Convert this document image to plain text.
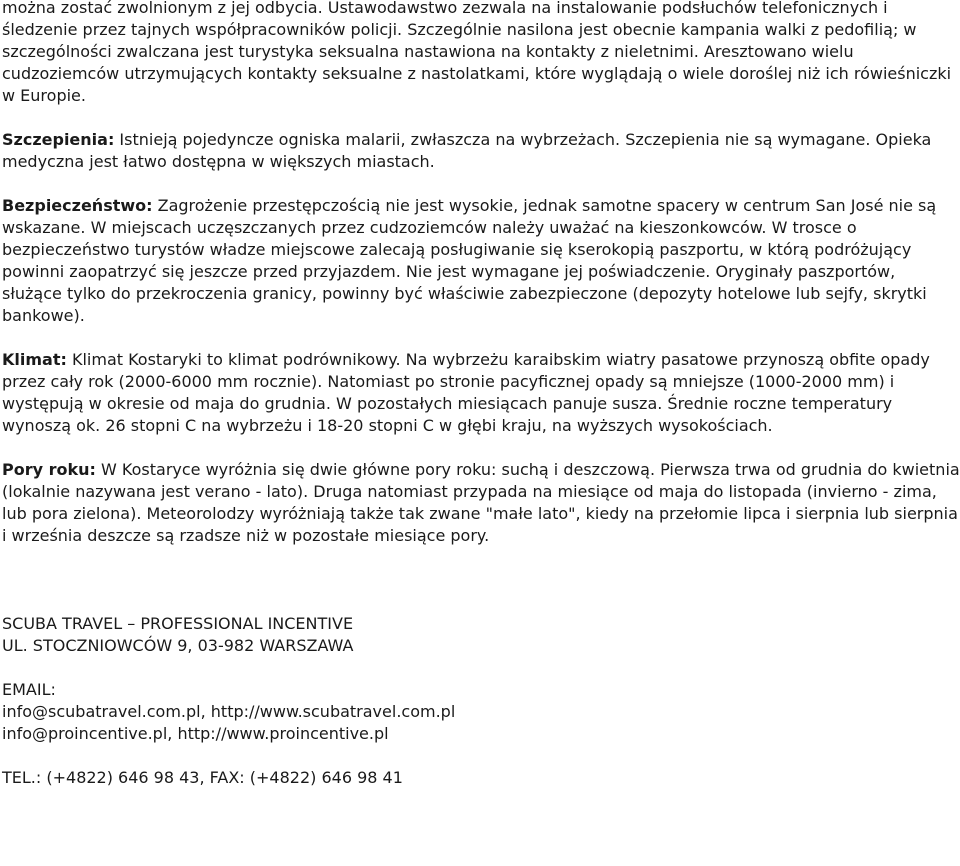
można zostać zwolnionym z jej odbycia. Ustawodawstwo zezwala na instalowanie podsłuchów telefonicznych i śledzenie przez tajnych współpracowników policji. Szczególnie nasilona jest obecnie kampania walki z pedofilią; w szczególności zwalczana jest turystyka seksualna nastawiona na kontakty z nieletnimi. Aresztowano wielu cudzoziemców utrzymujących kontakty seksualne z nastolatkami, które wyglądają o wiele doroślej niż ich rówieśniczki w Europie.

Szczepienia: Istnieją pojedyncze ogniska malarii, zwłaszcza na wybrzeżach. Szczepienia nie są wymagane. Opieka medyczna jest łatwo dostępna w większych miastach.

Bezpieczeństwo: Zagrożenie przestępczością nie jest wysokie, jednak samotne spacery w centrum San José nie są wskazane. W miejscach uczęszczanych przez cudzoziemców należy uważać na kieszonkowców. W trosce o bezpieczeństwo turystów władze miejscowe zalecają posługiwanie się kserokopią paszportu, w którą podróżujący powinni zaopatrzyć się jeszcze przed przyjazdem. Nie jest wymagane jej poświadczenie. Oryginały paszportów, służące tylko do przekroczenia granicy, powinny być właściwie zabezpieczone (depozyty hotelowe lub sejfy, skrytki bankowe).

Klimat: Klimat Kostaryki to klimat podrównikowy. Na wybrzeżu karaibskim wiatry pasatowe przynoszą obfite opady przez cały rok (2000-6000 mm rocznie). Natomiast po stronie pacyficznej opady są mniejsze (1000-2000 mm) i występują w okresie od maja do grudnia. W pozostałych miesiącach panuje susza. Średnie roczne temperatury wynoszą ok. 26 stopni C na wybrzeżu i 18-20 stopni C w głębi kraju, na wyższych wysokościach.

Pory roku: W Kostaryce wyróżnia się dwie główne pory roku: suchą i deszczową. Pierwsza trwa od grudnia do kwietnia (lokalnie nazywana jest verano - lato). Druga natomiast przypada na miesiące od maja do listopada (invierno - zima, lub pora zielona). Meteorolodzy wyróżniają także tak zwane "małe lato", kiedy na przełomie lipca i sierpnia lub sierpnia i września deszcze są rzadsze niż w pozostałe miesiące pory.

SCUBA TRAVEL – PROFESSIONAL INCENTIVE
UL. STOCZNIOWCÓW 9, 03-982 WARSZAWA
EMAIL:
info@scubatravel.com.pl, http://www.scubatravel.com.pl
info@proincentive.pl, http://www.proincentive.pl
TEL.: (+4822) 646 98 43, FAX: (+4822) 646 98 41
